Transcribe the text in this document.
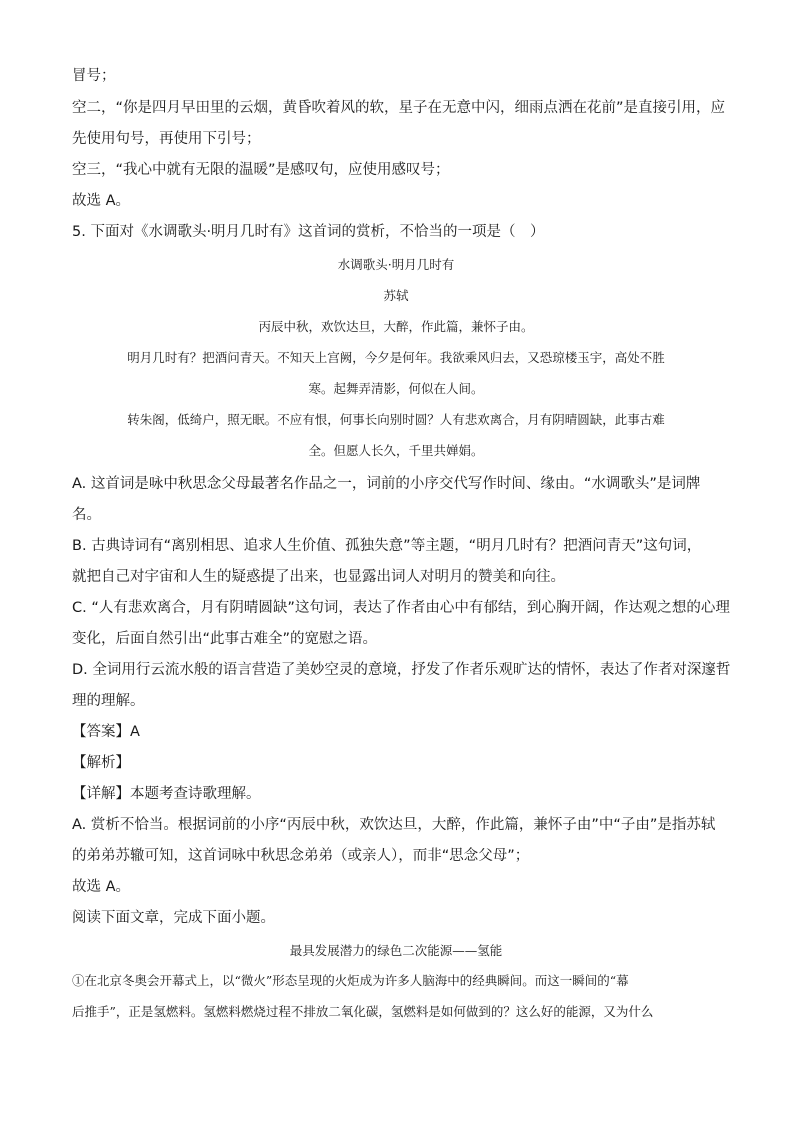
冒号；
空二，“你是四月早田里的云烟，黄昏吹着风的软，星子在无意中闪，细雨点洒在花前”是直接引用，应
先使用句号，再使用下引号；
空三，“我心中就有无限的温暖”是感叹句，应使用感叹号；
故选 A。
5. 下面对《水调歌头·明月几时有》这首词的赏析，不恰当的一项是（　）
水调歌头·明月几时有
苏轼
丙辰中秋，欢饮达旦，大醉，作此篇，兼怀子由。
明月几时有？把酒问青天。不知天上宫阙，今夕是何年。我欲乘风归去，又恐琼楼玉宇，高处不胜
寒。起舞弄清影，何似在人间。
转朱阁，低绮户，照无眠。不应有恨，何事长向别时圆？人有悲欢离合，月有阴晴圆缺，此事古难
全。但愿人长久，千里共婵娟。
A. 这首词是咏中秋思念父母最著名作品之一，词前的小序交代写作时间、缘由。“水调歌头”是词牌
名。
B. 古典诗词有“离别相思、追求人生价值、孤独失意”等主题，“明月几时有？把酒问青天”这句词，
就把自己对宇宙和人生的疑惑提了出来，也显露出词人对明月的赞美和向往。
C. “人有悲欢离合，月有阴晴圆缺”这句词，表达了作者由心中有郁结，到心胸开阔，作达观之想的心理
变化，后面自然引出“此事古难全”的宽慰之语。
D. 全词用行云流水般的语言营造了美妙空灵的意境，抒发了作者乐观旷达的情怀，表达了作者对深邃哲
理的理解。
【答案】A
【解析】
【详解】本题考查诗歌理解。
A. 赏析不恰当。根据词前的小序“丙辰中秋，欢饮达旦，大醉，作此篇，兼怀子由”中“子由”是指苏轼
的弟弟苏辙可知，这首词咏中秋思念弟弟（或亲人），而非“思念父母”；
故选 A。
阅读下面文章，完成下面小题。
最具发展潜力的绿色二次能源——氢能
①在北京冬奥会开幕式上，以“微火”形态呈现的火炬成为许多人脑海中的经典瞬间。而这一瞬间的“幕
后推手”，正是氢燃料。氢燃料燃烧过程不排放二氧化碳，氢燃料是如何做到的？这么好的能源，又为什么
